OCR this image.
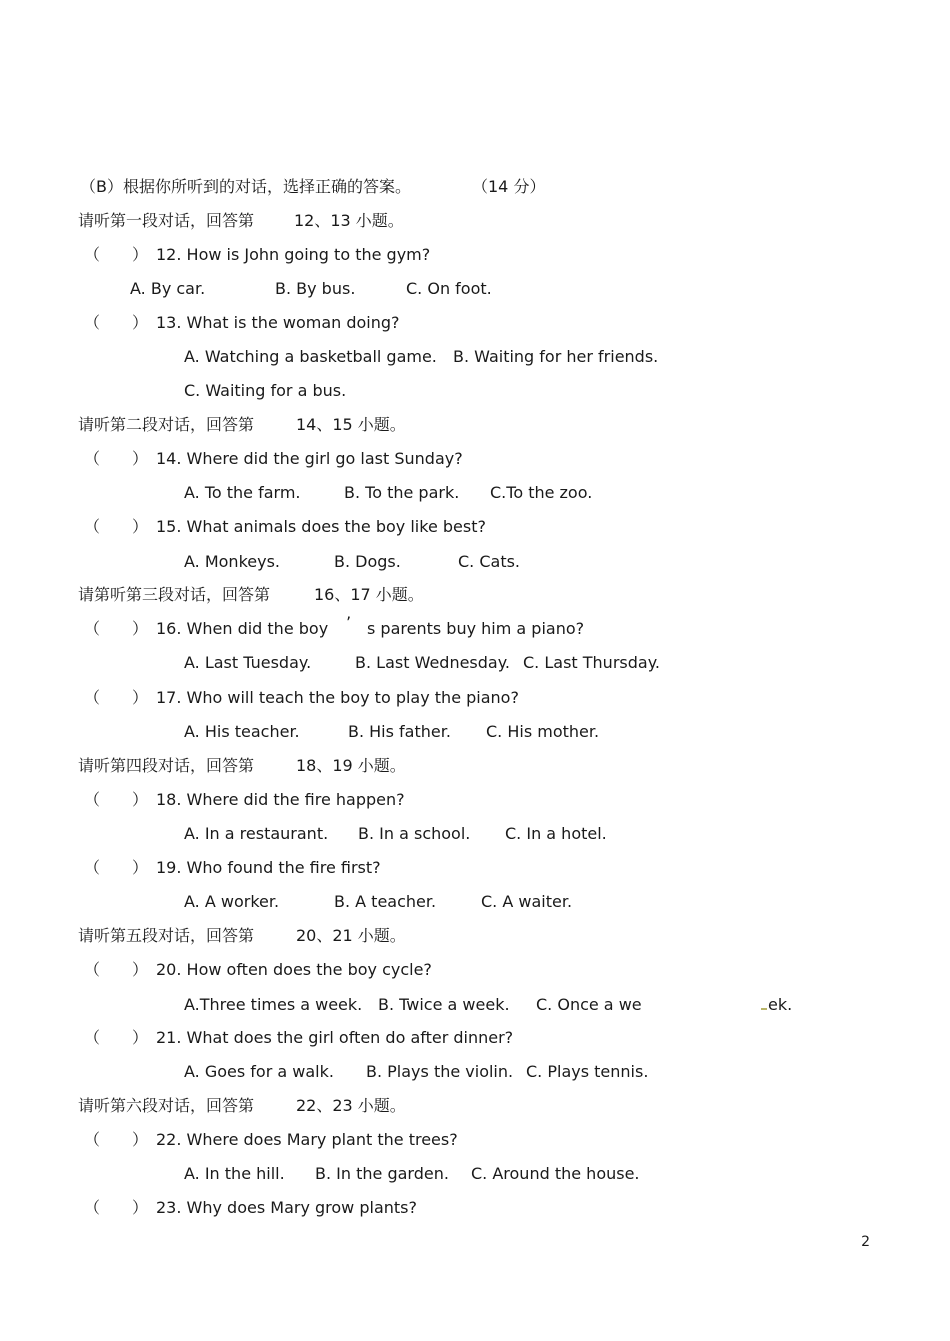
（B）根据你所听到的对话，选择正确的答案。	（14 分）
请听第一段对话，回答第 12、13 小题。
（ ） 12. How is John going to the gym?
A. By car.	B. By bus.	C. On foot.
（ ） 13. What is the woman doing?
A. Watching a basketball game. B. Waiting for her friends.
C. Waiting for a bus.
请听第二段对话，回答第	14、15 小题。
（ ） 14. Where did the girl go last Sunday?
A. To the farm.	B. To the park. C.To the zoo.
（ ） 15. What animals does the boy like best?
A. Monkeys.	B. Dogs.	C. Cats.
请第听第三段对话，回答第	16、17 小题。
（ ） 16. When did the boy ’ s parents buy him a piano?
A. Last Tuesday.	B. Last Wednesday. C. Last Thursday.
（ ） 17. Who will teach the boy to play the piano?
A. His teacher.	B. His father. C. His mother.
请听第四段对话，回答第	18、19 小题。
（ ） 18. Where did the fire happen?
A. In a restaurant. B. In a school. C. In a hotel.
（ ） 19. Who found the fire first?
A. A worker.	B. A teacher.	C. A waiter.
请听第五段对话，回答第	20、21 小题。
（ ） 20. How often does the boy cycle?
A.Three times a week. B. Twice a week. C. Once a we	ek.
（ ） 21. What does the girl often do after dinner?
A. Goes for a walk. B. Plays the violin. C. Plays tennis.
请听第六段对话，回答第	22、23 小题。
（ ） 22. Where does Mary plant the trees?
A. In the hill. B. In the garden. C. Around the house.
（ ） 23. Why does Mary grow plants?
2
